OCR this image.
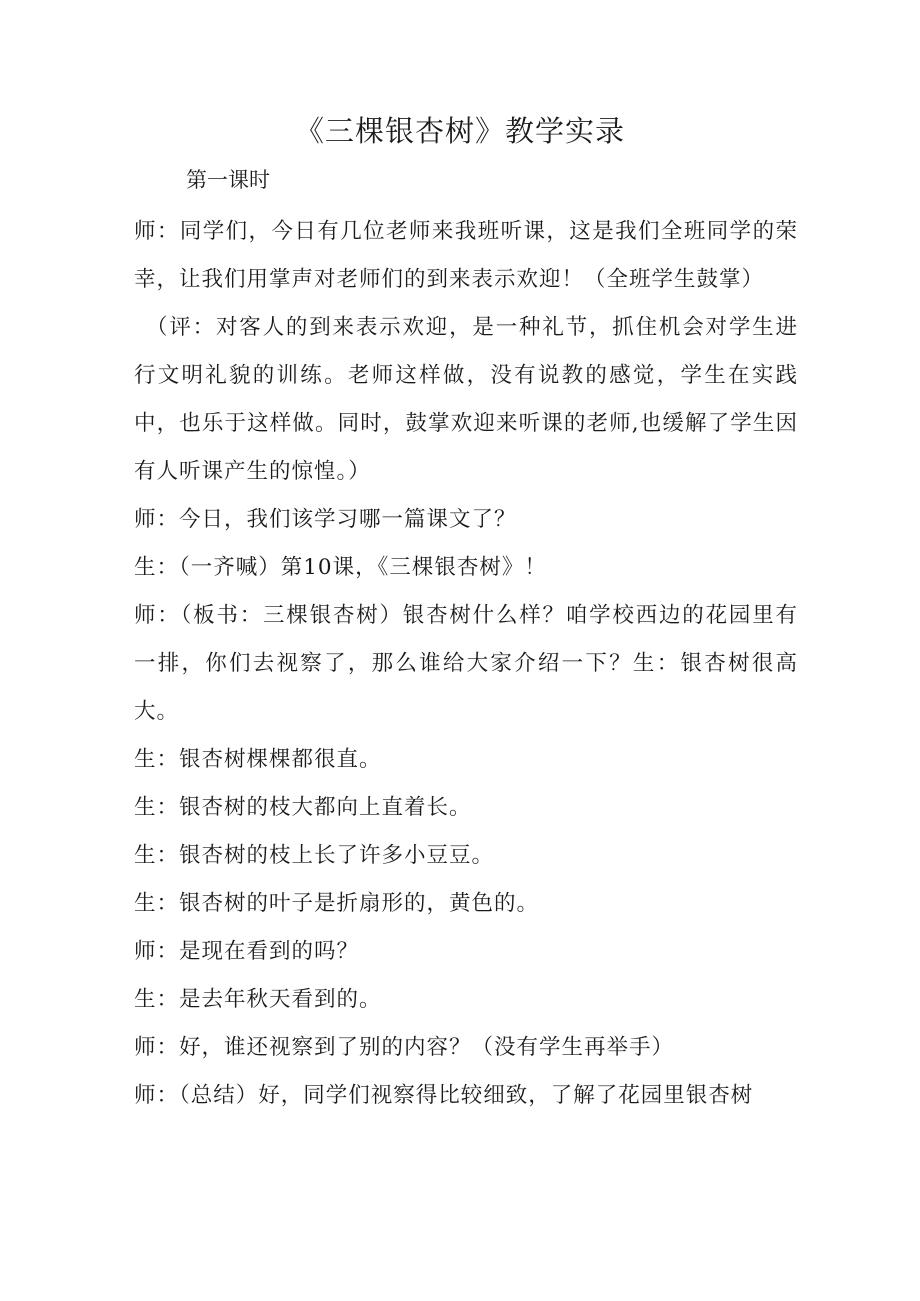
《三棵银杏树》教学实录

第一课时

师：同学们，今日有几位老师来我班听课，这是我们全班同学的荣幸，让我们用掌声对老师们的到来表示欢迎！（全班学生鼓掌）

（评：对客人的到来表示欢迎，是一种礼节，抓住机会对学生进行文明礼貌的训练。老师这样做，没有说教的感觉，学生在实践中，也乐于这样做。同时，鼓掌欢迎来听课的老师,也缓解了学生因有人听课产生的惊惶。）

师：今日，我们该学习哪一篇课文了？

生：（一齐喊）第10课，《三棵银杏树》！

师：（板书：三棵银杏树）银杏树什么样？咱学校西边的花园里有一排，你们去视察了，那么谁给大家介绍一下？生：银杏树很高大。

生：银杏树棵棵都很直。

生：银杏树的枝大都向上直着长。

生：银杏树的枝上长了许多小豆豆。

生：银杏树的叶子是折扇形的，黄色的。

师：是现在看到的吗？

生：是去年秋天看到的。

师：好，谁还视察到了别的内容？（没有学生再举手）

师：（总结）好，同学们视察得比较细致，了解了花园里银杏树
